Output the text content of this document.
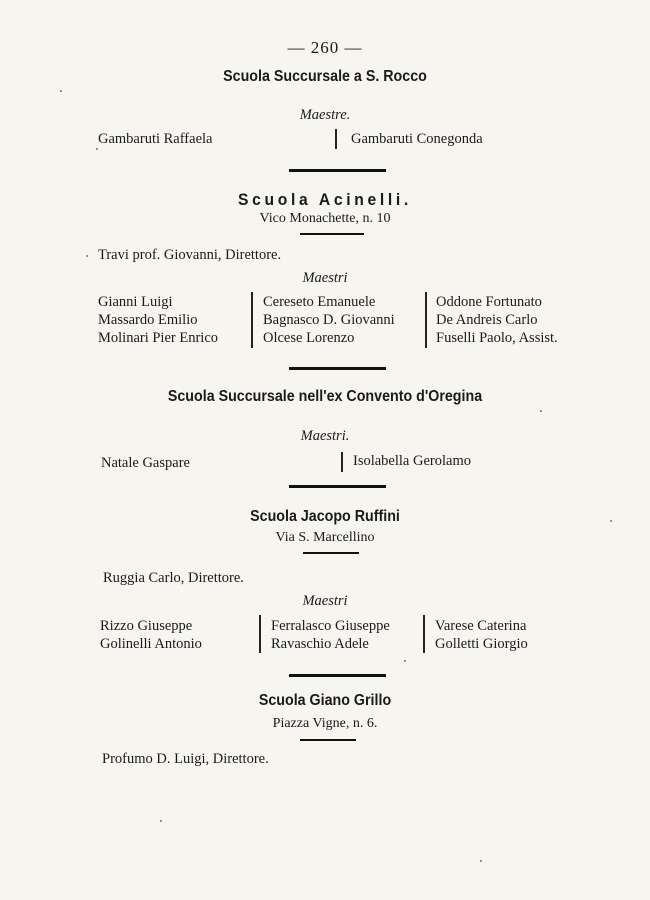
— 260 —
Scuola Succursale a S. Rocco
Maestre.
Gambaruti Raffaela	Gambaruti Conegonda
Scuola Acinelli.
Vico Monachette, n. 10
Travi prof. Giovanni, Direttore.
Maestri
Gianni Luigi
Massardo Emilio
Molinari Pier Enrico
Cereseto Emanuele
Bagnasco D. Giovanni
Olcese Lorenzo
Oddone Fortunato
De Andreis Carlo
Fuselli Paolo, Assist.
Scuola Succursale nell'ex Convento d'Oregina
Maestri.
Natale Gaspare	Isolabella Gerolamo
Scuola Jacopo Ruffini
Via S. Marcellino
Ruggia Carlo, Direttore.
Maestri
Rizzo Giuseppe
Golinelli Antonio
Ferralasco Giuseppe
Ravaschio Adele
Varese Caterina
Golletti Giorgio
Scuola Giano Grillo
Piazza Vigne, n. 6.
Profumo D. Luigi, Direttore.
